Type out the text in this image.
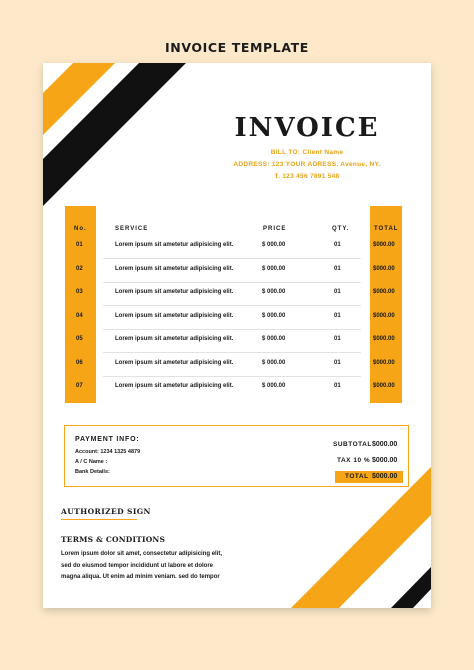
INVOICE TEMPLATE
INVOICE
BILL TO: Client Name
ADDRESS: 123 YOUR ADRESS. Avenue, NY.
T. 123 456 7891 548
No.	SERVICE	PRICE	QTY.	TOTAL
01	Lorem ipsum sit ametetur adipisicing elit.	$ 000.00	01	$000.00
02	Lorem ipsum sit ametetur adipisicing elit.	$ 000.00	01	$000.00
03	Lorem ipsum sit ametetur adipisicing elit.	$ 000.00	01	$000.00
04	Lorem ipsum sit ametetur adipisicing elit.	$ 000.00	01	$000.00
05	Lorem ipsum sit ametetur adipisicing elit.	$ 000.00	01	$000.00
06	Lorem ipsum sit ametetur adipisicing elit.	$ 000.00	01	$000.00
07	Lorem ipsum sit ametetur adipisicing elit.	$ 000.00	01	$000.00
PAYMENT INFO:
Account: 1234 1325 4879
A / C Name :
Bank Details:
SUBTOTAL $000.00
TAX 10 % $000.00
TOTAL $000.00
AUTHORIZED SIGN
TERMS & CONDITIONS
Lorem ipsum dolor sit amet, consectetur adipisicing elit,
sed do eiusmod tempor incididunt ut labore et dolore
magna aliqua. Ut enim ad minim veniam. sed do tempor
